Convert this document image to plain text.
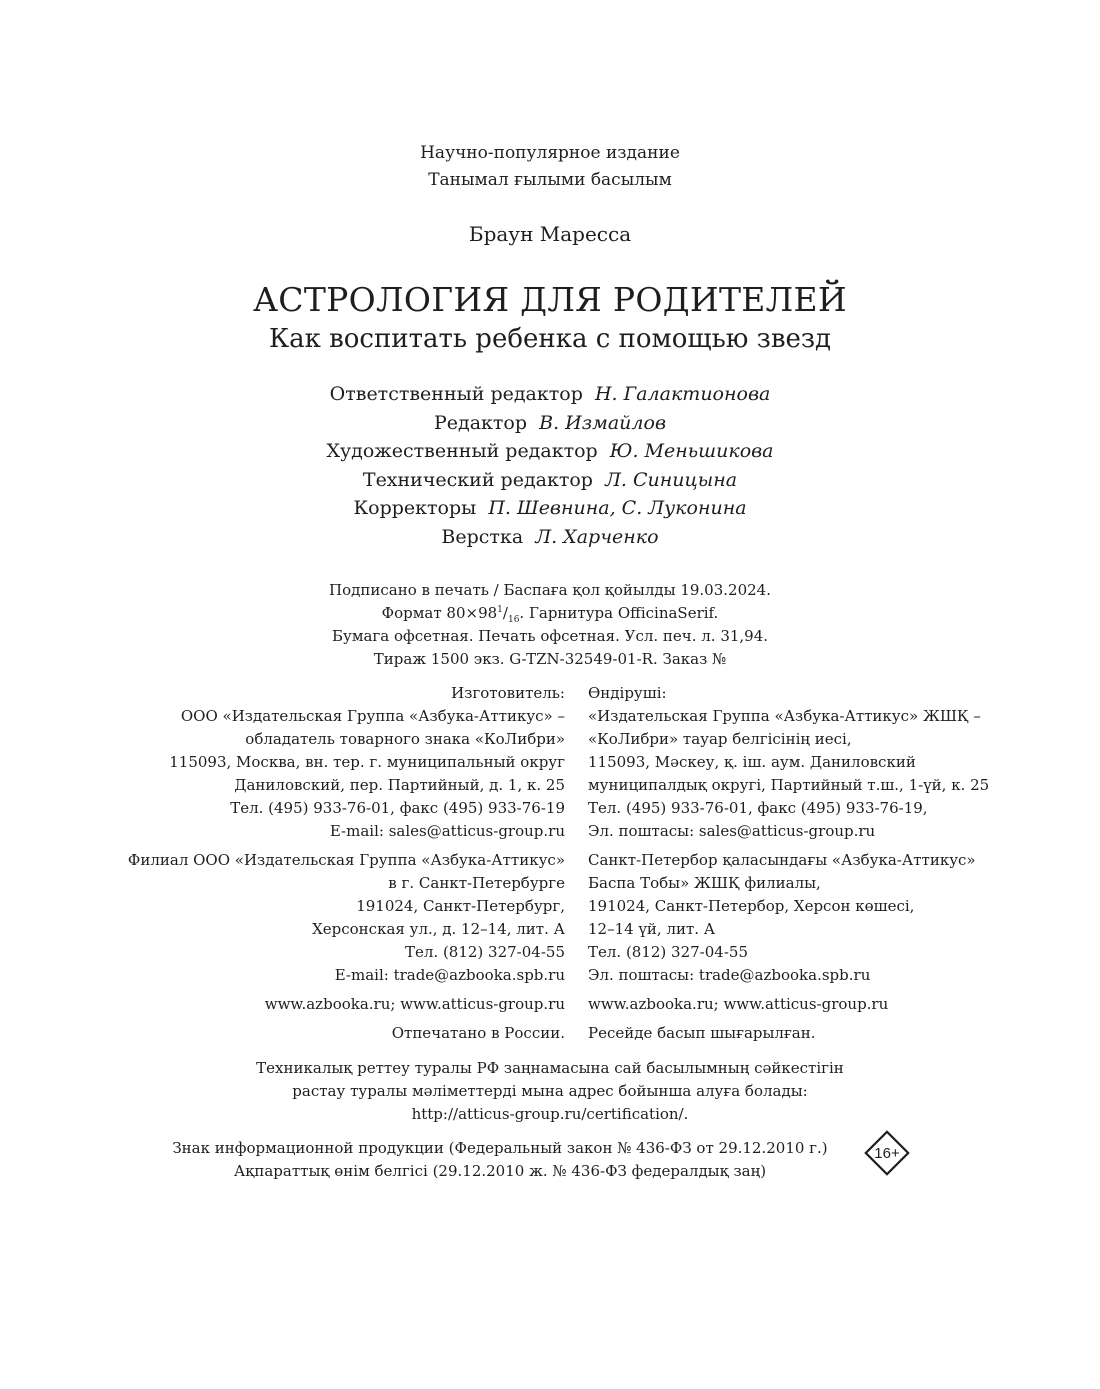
Научно-популярное издание
Танымал ғылыми басылым
Браун Маресса
АСТРОЛОГИЯ ДЛЯ РОДИТЕЛЕЙ
Как воспитать ребенка с помощью звезд
Ответственный редактор Н. Галактионова
Редактор В. Измайлов
Художественный редактор Ю. Меньшикова
Технический редактор Л. Синицына
Корректоры П. Шевнина, С. Луконина
Верстка Л. Харченко
Подписано в печать / Баспаға қол қойылды 19.03.2024.
Формат $80\times 98^1/_{16}$. Гарнитура OfficinaSerif.
Бумага офсетная. Печать офсетная. Усл. печ. л. 31,94.
Тираж 1500 экз. G-TZN-32549-01-R. Заказ №
Изготовитель:
ООО «Издательская Группа «Азбука-Аттикус» –
обладатель товарного знака «КоЛибри»
115093, Москва, вн. тер. г. муниципальный округ
Даниловский, пер. Партийный, д. 1, к. 25
Тел. (495) 933-76-01, факс (495) 933-76-19
E-mail: sales@atticus-group.ru
Өндіруші:
«Издательская Группа «Азбука-Аттикус» ЖШҚ –
«КоЛибри» тауар белгісінің иесі,
115093, Мәскеу, қ. іш. аум. Даниловский
муниципалдық округі, Партийный т.ш., 1-үй, к. 25
Тел. (495) 933-76-01, факс (495) 933-76-19,
Эл. поштасы: sales@atticus-group.ru
Филиал ООО «Издательская Группа «Азбука-Аттикус»
в г. Санкт-Петербурге
191024, Санкт-Петербург,
Херсонская ул., д. 12–14, лит. А
Тел. (812) 327-04-55
E-mail: trade@azbooka.spb.ru
Санкт-Петербор қаласындағы «Азбука-Аттикус»
Баспа Тобы» ЖШҚ филиалы,
191024, Санкт-Петербор, Херсон көшесі,
12–14 үй, лит. А
Тел. (812) 327-04-55
Эл. поштасы: trade@azbooka.spb.ru
www.azbooka.ru; www.atticus-group.ru www.azbooka.ru; www.atticus-group.ru
Отпечатано в России. Ресейде басып шығарылған.
Техникалық реттеу туралы РФ заңнамасына сай басылымның сәйкестігін
растау туралы мәліметтерді мына адрес бойынша алуға болады:
http://atticus-group.ru/certification/.
Знак информационной продукции (Федеральный закон № 436-ФЗ от 29.12.2010 г.)
Ақпараттық өнім белгісі (29.12.2010 ж. № 436-ФЗ федералдық заң)
16+
